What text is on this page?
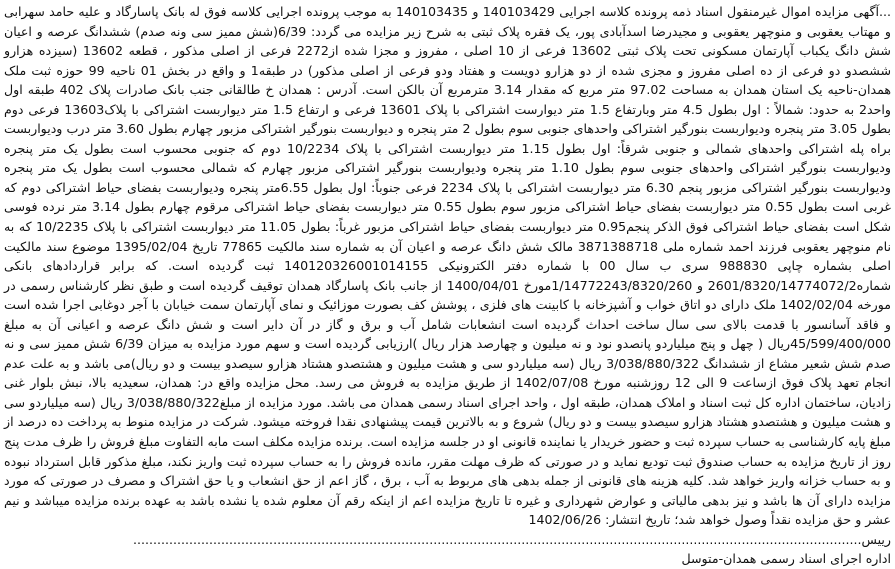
...آگهی مزایده اموال غیرمنقول اسناد ذمه پرونده کلاسه اجرایی 140103429 و 140103435 به موجب پرونده اجرایی کلاسه فوق له بانک پاسارگاد و علیه حامد سهرابی و مهتاب یعقوبی و منوچهر یعقوبی و مجیدرضا اسدآبادی پور، یک فقره پلاک ثبتی به شرح زیر مزایده می گردد: 6/39(شش ممیز سی ونه صدم) ششدانگ عرصه و اعیان شش دانگ یکباب آپارتمان مسکونی تحت پلاک ثبتی 13602 فرعی از 10 اصلی ، مفروز و مجزا شده از2272 فرعی از اصلی مذکور ، قطعه 13602 (سیزده هزارو ششصدو دو فرعی از ده اصلی مفروز و مجزی شده از دو هزارو دویست و هفتاد ودو فرعی از اصلی مذکور) در طبقه1 و واقع در بخش 01 ناحیه 99 حوزه ثبت ملک همدان-ناحیه یک استان همدان به مساحت 97.02 متر مربع که مقدار 3.14 مترمربع آن بالکن است. آدرس : همدان خ طالقانی جنب بانک صادرات پلاک 402 طبقه اول واحد2 به حدود: شمالاً : اول بطول 4.5 متر وبارتفاع 1.5 متر دیوارست اشتراکی با پلاک 13601 فرعی و ارتفاع 1.5 متر دیواربست اشتراکی با پلاک13603 فرعی دوم بطول 3.05 متر پنجره ودیواربست بنورگیر اشتراکی واحدهای جنوبی سوم بطول 2 متر پنجره و دیواربست بنورگیر اشتراکی مزبور چهارم بطول 3.60 متر درب ودیواربست براه پله اشتراکی واحدهای شمالی و جنوبی شرقاً: اول بطول 1.15 متر دیواربست اشتراکی با پلاک 10/2234 دوم که جنوبی محسوب است بطول یک متر پنجره ودیواربست بنورگیر اشتراکی واحدهای جنوبی سوم بطول 1.10 متر پنجره ودیواربست بنورگیر اشتراکی مزبور چهارم که شمالی محسوب است بطول یک متر پنجره ودیواربست بنورگیر اشتراکی مزبور پنجم 6.30 متر دیواربست اشتراکی با پلاک 2234 فرعی جنوباً: اول بطول 6.55متر پنجره ودیواربست بفضای حیاط اشتراکی دوم که غربی است بطول 0.55 متر دیواربست بفضای حیاط اشتراکی مزبور سوم بطول 0.55 متر دیواربست بفضای حیاط اشتراکی مرقوم چهارم بطول 3.14 متر نرده فوسی شکل است بفضای حیاط اشتراکی فوق الذکر پنجم0.95 متر دیواربست بفضای حیاط اشتراکی مزبور غرباً: بطول 11.05 متر دیواربست اشتراکی با پلاک 10/2235 که به نام منوچهر یعقوبی فرزند احمد شماره ملی 3871388718 مالک شش دانگ عرصه و اعیان آن به شماره سند مالکیت 77865 تاریخ 1395/02/04 موضوع سند مالکیت اصلی بشماره چاپی 988830 سری ب سال 00 با شماره دفتر الکترونیکی 140120326001014155 ثبت گردیده است. که برابر قراردادهای بانکی شماره2601/8320/14774072/2 و 1/14772243/8320/260مورخ 1400/04/01 از جانب بانک پاسارگاد همدان توقیف گردیده است و طبق نظر کارشناس رسمی در مورخه 1402/02/04 ملک دارای دو اتاق خواب و آشپزخانه با کابینت های فلزی ، پوشش کف بصورت موزائیک و نمای آپارتمان سمت خیابان با آجر دوغابی اجرا شده است و فاقد آسانسور با قدمت بالای سی سال ساخت احداث گردیده است انشعابات شامل آب و برق و گاز در آن دایر است و شش دانگ عرصه و اعیانی آن به مبلغ 45/599/400/000ریال ( چهل و پنج میلیاردو پانصدو نود و نه میلیون و چهارصد هزار ریال )ارزیابی گردیده است و سهم مورد مزایده به میزان 6/39 شش ممیز سی و نه صدم شش شعیر مشاع از ششدانگ 3/038/880/322 ریال (سه میلیاردو سی و هشت میلیون و هشتصدو هشتاد هزارو سیصدو بیست و دو ریال)می باشد و به علت عدم انجام تعهد پلاک فوق ازساعت 9 الی 12 روزشنبه مورخ 1402/07/08 از طریق مزایده به فروش می رسد. محل مزایده واقع در: همدان، سعیدیه بالا، نبش بلوار غنی زادیان، ساختمان اداره کل ثبت اسناد و املاک همدان، طبقه اول ، واحد اجرای اسناد رسمی همدان می باشد. مورد مزایده از مبلغ3/038/880/322 ریال (سه میلیاردو سی و هشت میلیون و هشتصدو هشتاد هزارو سیصدو بیست و دو ریال) شروع و به بالاترین قیمت پیشنهادی نقدا فروخته میشود. شرکت در مزایده منوط به پرداخت ده درصد از مبلغ پایه کارشناسی به حساب سپرده ثبت و حضور خریدار یا نماینده قانونی او در جلسه مزایده است. برنده مزایده مکلف است مابه التفاوت مبلغ فروش را ظرف مدت پنج روز از تاریخ مزایده به حساب صندوق ثبت تودیع نماید و در صورتی که ظرف مهلت مقرر، مانده فروش را به حساب سپرده ثبت واریز نکند، مبلغ مذکور قابل استرداد نبوده و به حساب خزانه واریز خواهد شد. کلیه هزینه های قانونی از جمله بدهی های مربوط به آب ، برق ، گاز اعم از حق انشعاب و یا حق اشتراک و مصرف در صورتی که مورد مزایده دارای آن ها باشد و نیز بدهی مالیاتی و عوارض شهرداری و غیره تا تاریخ مزایده اعم از اینکه رقم آن معلوم شده یا نشده باشد به عهده برنده مزایده میباشد و نیم عشر و حق مزایده نقداً وصول خواهد شد؛ تاریخ انتشار: 1402/06/26

رییس......................................................................................................................................................................................

اداره اجرای اسناد رسمی همدان-متوسل
